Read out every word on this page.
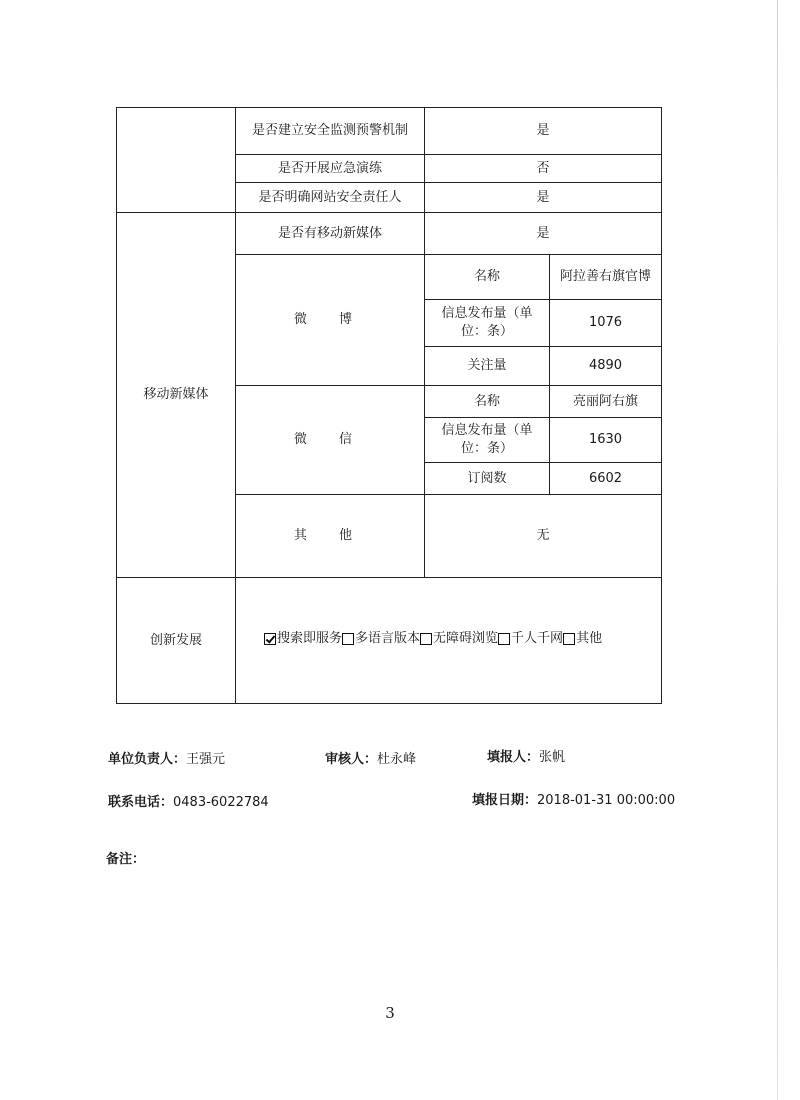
	是否建立安全监测预警机制	是	
	是否开展应急演练	否	
	是否明确网站安全责任人	是	
移动新媒体	是否有移动新媒体	是	
	微 博	名称	阿拉善右旗官博
		信息发布量（单位：条）	1076
		关注量	4890
	微 信	名称	亮丽阿右旗
		信息发布量（单位：条）	1630
		订阅数	6602
	其 他	无	
创新发展	搜索即服务 多语言版本 无障碍浏览 千人千网 其他		
单位负责人：王强元	审核人：杜永峰	填报人：张帆
联系电话：0483-6022784	填报日期：2018-01-31 00:00:00
备注：
3
